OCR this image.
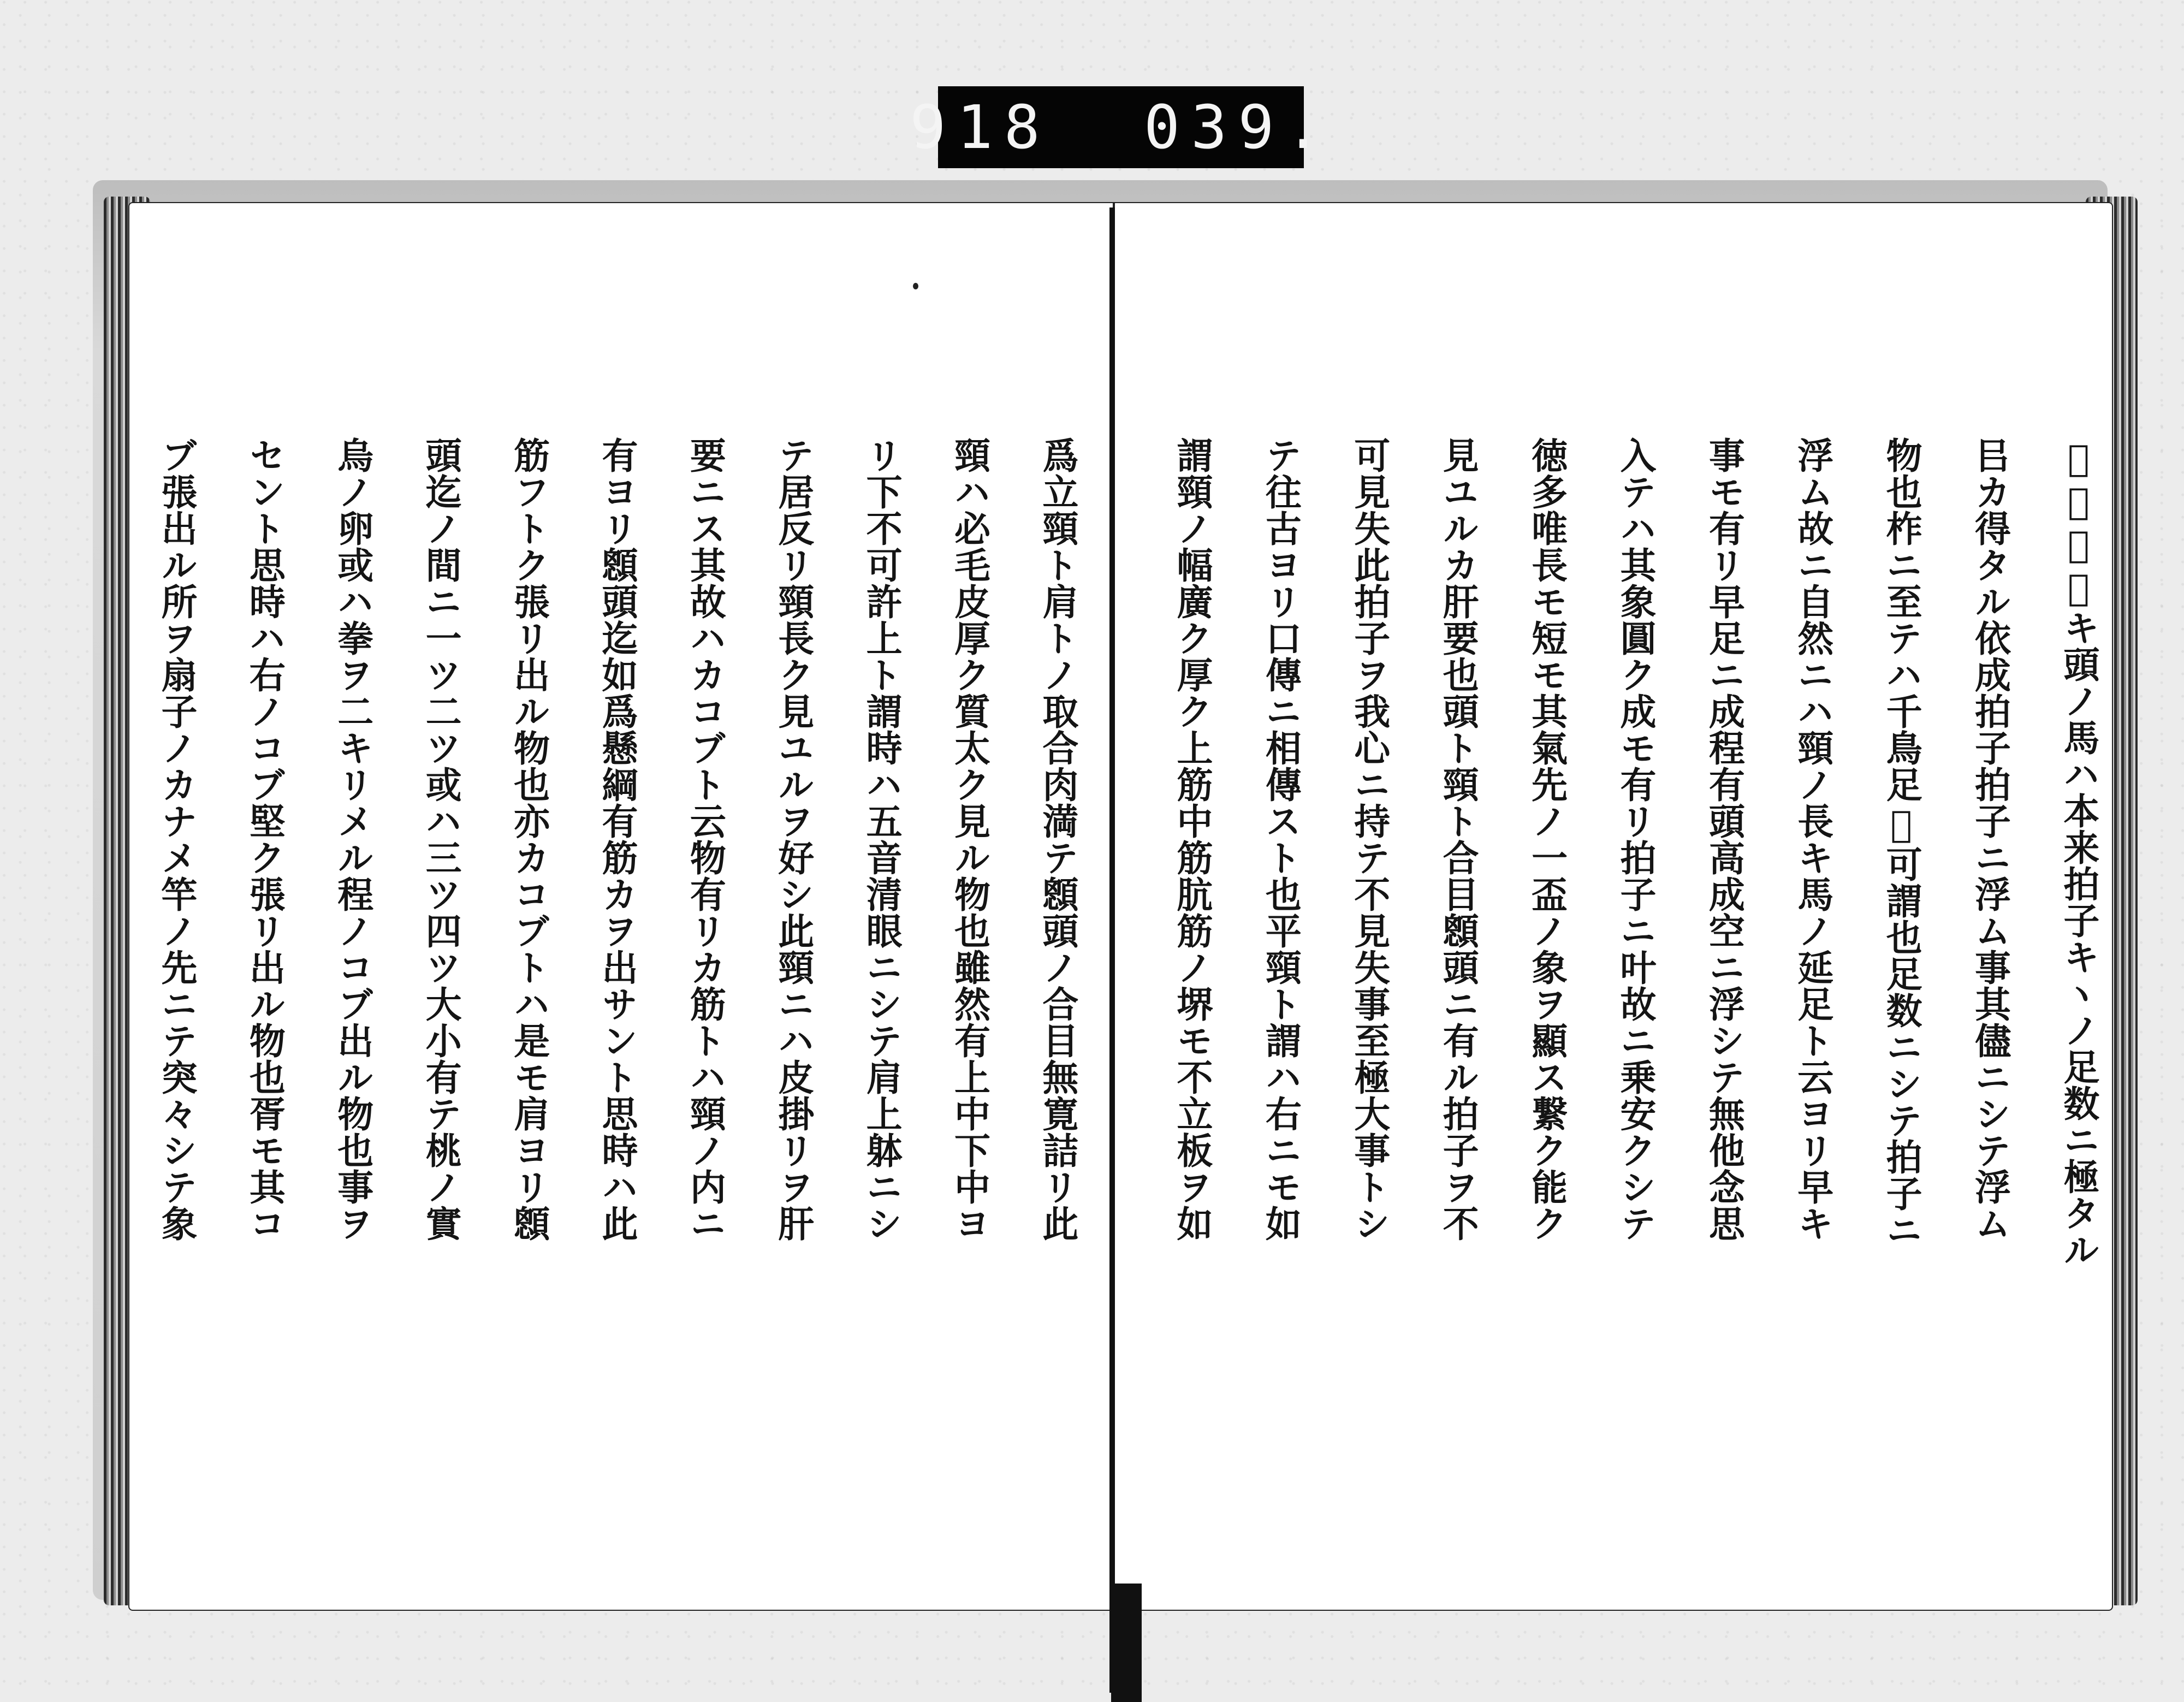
918 039.
𪜈可成短キ頭ノ馬ハ本来拍子キヽノ足数ニ極タル
㠯カ得タル依成拍子拍子ニ浮ム事其儘ニシテ浮ム
物也柞ニ至テハ千鳥足𪜈可謂也足数ニシテ拍子ニ
浮ム故ニ自然ニハ頸ノ長キ馬ノ延足ト云ヨリ早キ
事モ有リ早足ニ成程有頭高成空ニ浮シテ無他念思
入テハ其象圓ク成モ有リ拍子ニ叶故ニ乗安クシテ
徳多唯長モ短モ其氣先ノ一盃ノ象ヲ顯ス繋ク能ク
見ユルカ肝要也頭ト頸ト合目顖頭ニ有ル拍子ヲ不
可見失此拍子ヲ我心ニ持テ不見失事至極大事トシ
テ往古ヨリ口傳ニ相傳スト也平頸ト謂ハ右ニモ如
謂頸ノ幅廣ク厚ク上筋中筋肮筋ノ堺モ不立板ヲ如
爲立頸ト肩トノ取合肉満テ顖頭ノ合目無寛詰リ此
頸ハ必毛皮厚ク質太ク見ル物也雖然有上中下中ヨ
リ下不可許上ト謂時ハ五音清眼ニシテ肩上躰ニシ
テ居反リ頸長ク見ユルヲ好シ此頸ニハ皮掛リヲ肝
要ニス其故ハカコブト云物有リカ筋トハ頸ノ内ニ
有ヨリ顖頭迄如爲懸綱有筋カヲ出サント思時ハ此
筋フトク張リ出ル物也亦カコブトハ是モ肩ヨリ顖
頭迄ノ間ニ一ツ二ツ或ハ三ツ四ツ大小有テ桃ノ實
烏ノ卵或ハ拳ヲ二キリメル程ノコブ出ル物也事ヲ
セント思時ハ右ノコブ堅ク張リ出ル物也胥モ其コ
ブ張出ル所ヲ扇子ノカナメ竿ノ先ニテ突々シテ象
